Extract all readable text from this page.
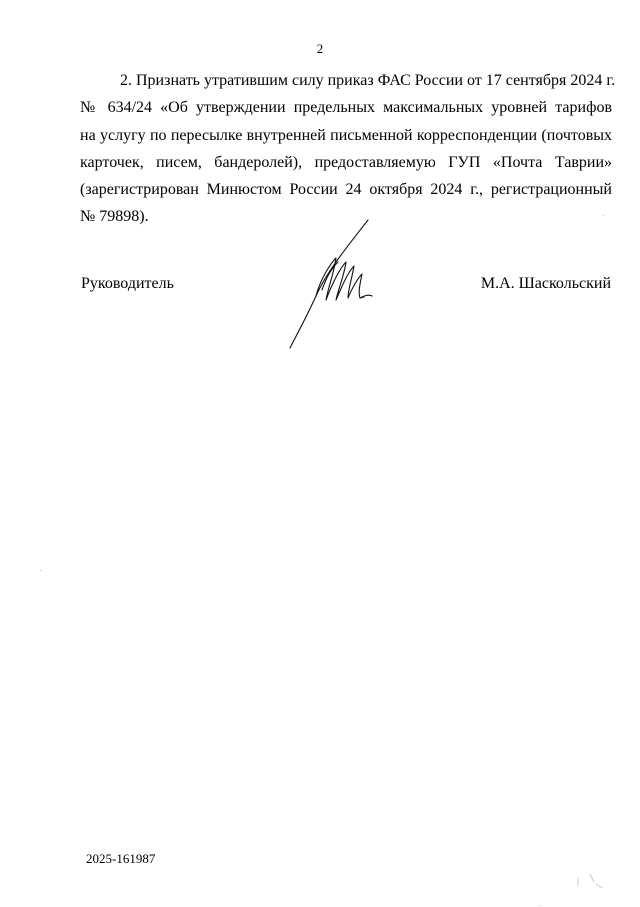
2
2. Признать утратившим силу приказ ФАС России от 17 сентября 2024 г.
№ 634/24 «Об утверждении предельных максимальных уровней тарифов
на услугу по пересылке внутренней письменной корреспонденции (почтовых
карточек, писем, бандеролей), предоставляемую ГУП «Почта Таврии»
(зарегистрирован Минюстом России 24 октября 2024 г., регистрационный
№ 79898).
Руководитель	М.А. Шаскольский
2025-161987
